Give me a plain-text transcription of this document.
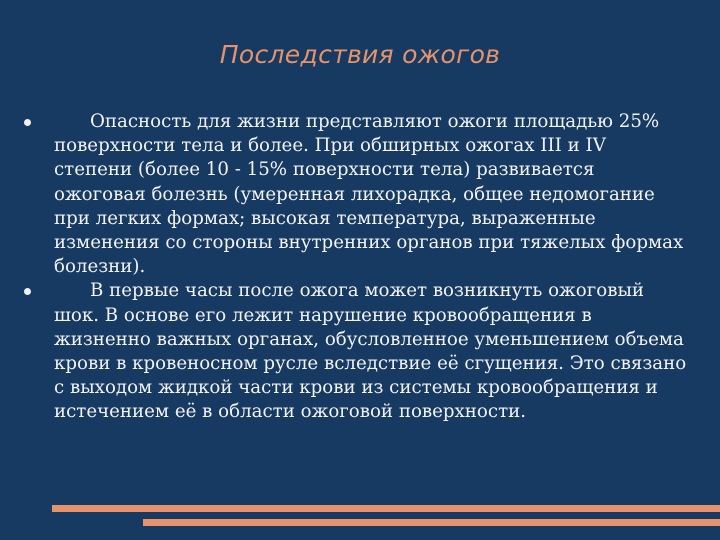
Последствия ожогов
Опасность для жизни представляют ожоги площадью 25% поверхности тела и более. При обширных ожогах III и IV степени (более 10 - 15% поверхности тела) развивается ожоговая болезнь (умеренная лихорадка, общее недомогание при легких формах; высокая температура, выраженные изменения со стороны внутренних органов при тяжелых формах болезни).
В первые часы после ожога может возникнуть ожоговый шок. В основе его лежит нарушение кровообращения в жизненно важных органах, обусловленное уменьшением объема крови в кровеносном русле вследствие её сгущения. Это связано с выходом жидкой части крови из системы кровообращения и истечением её в области ожоговой поверхности.
